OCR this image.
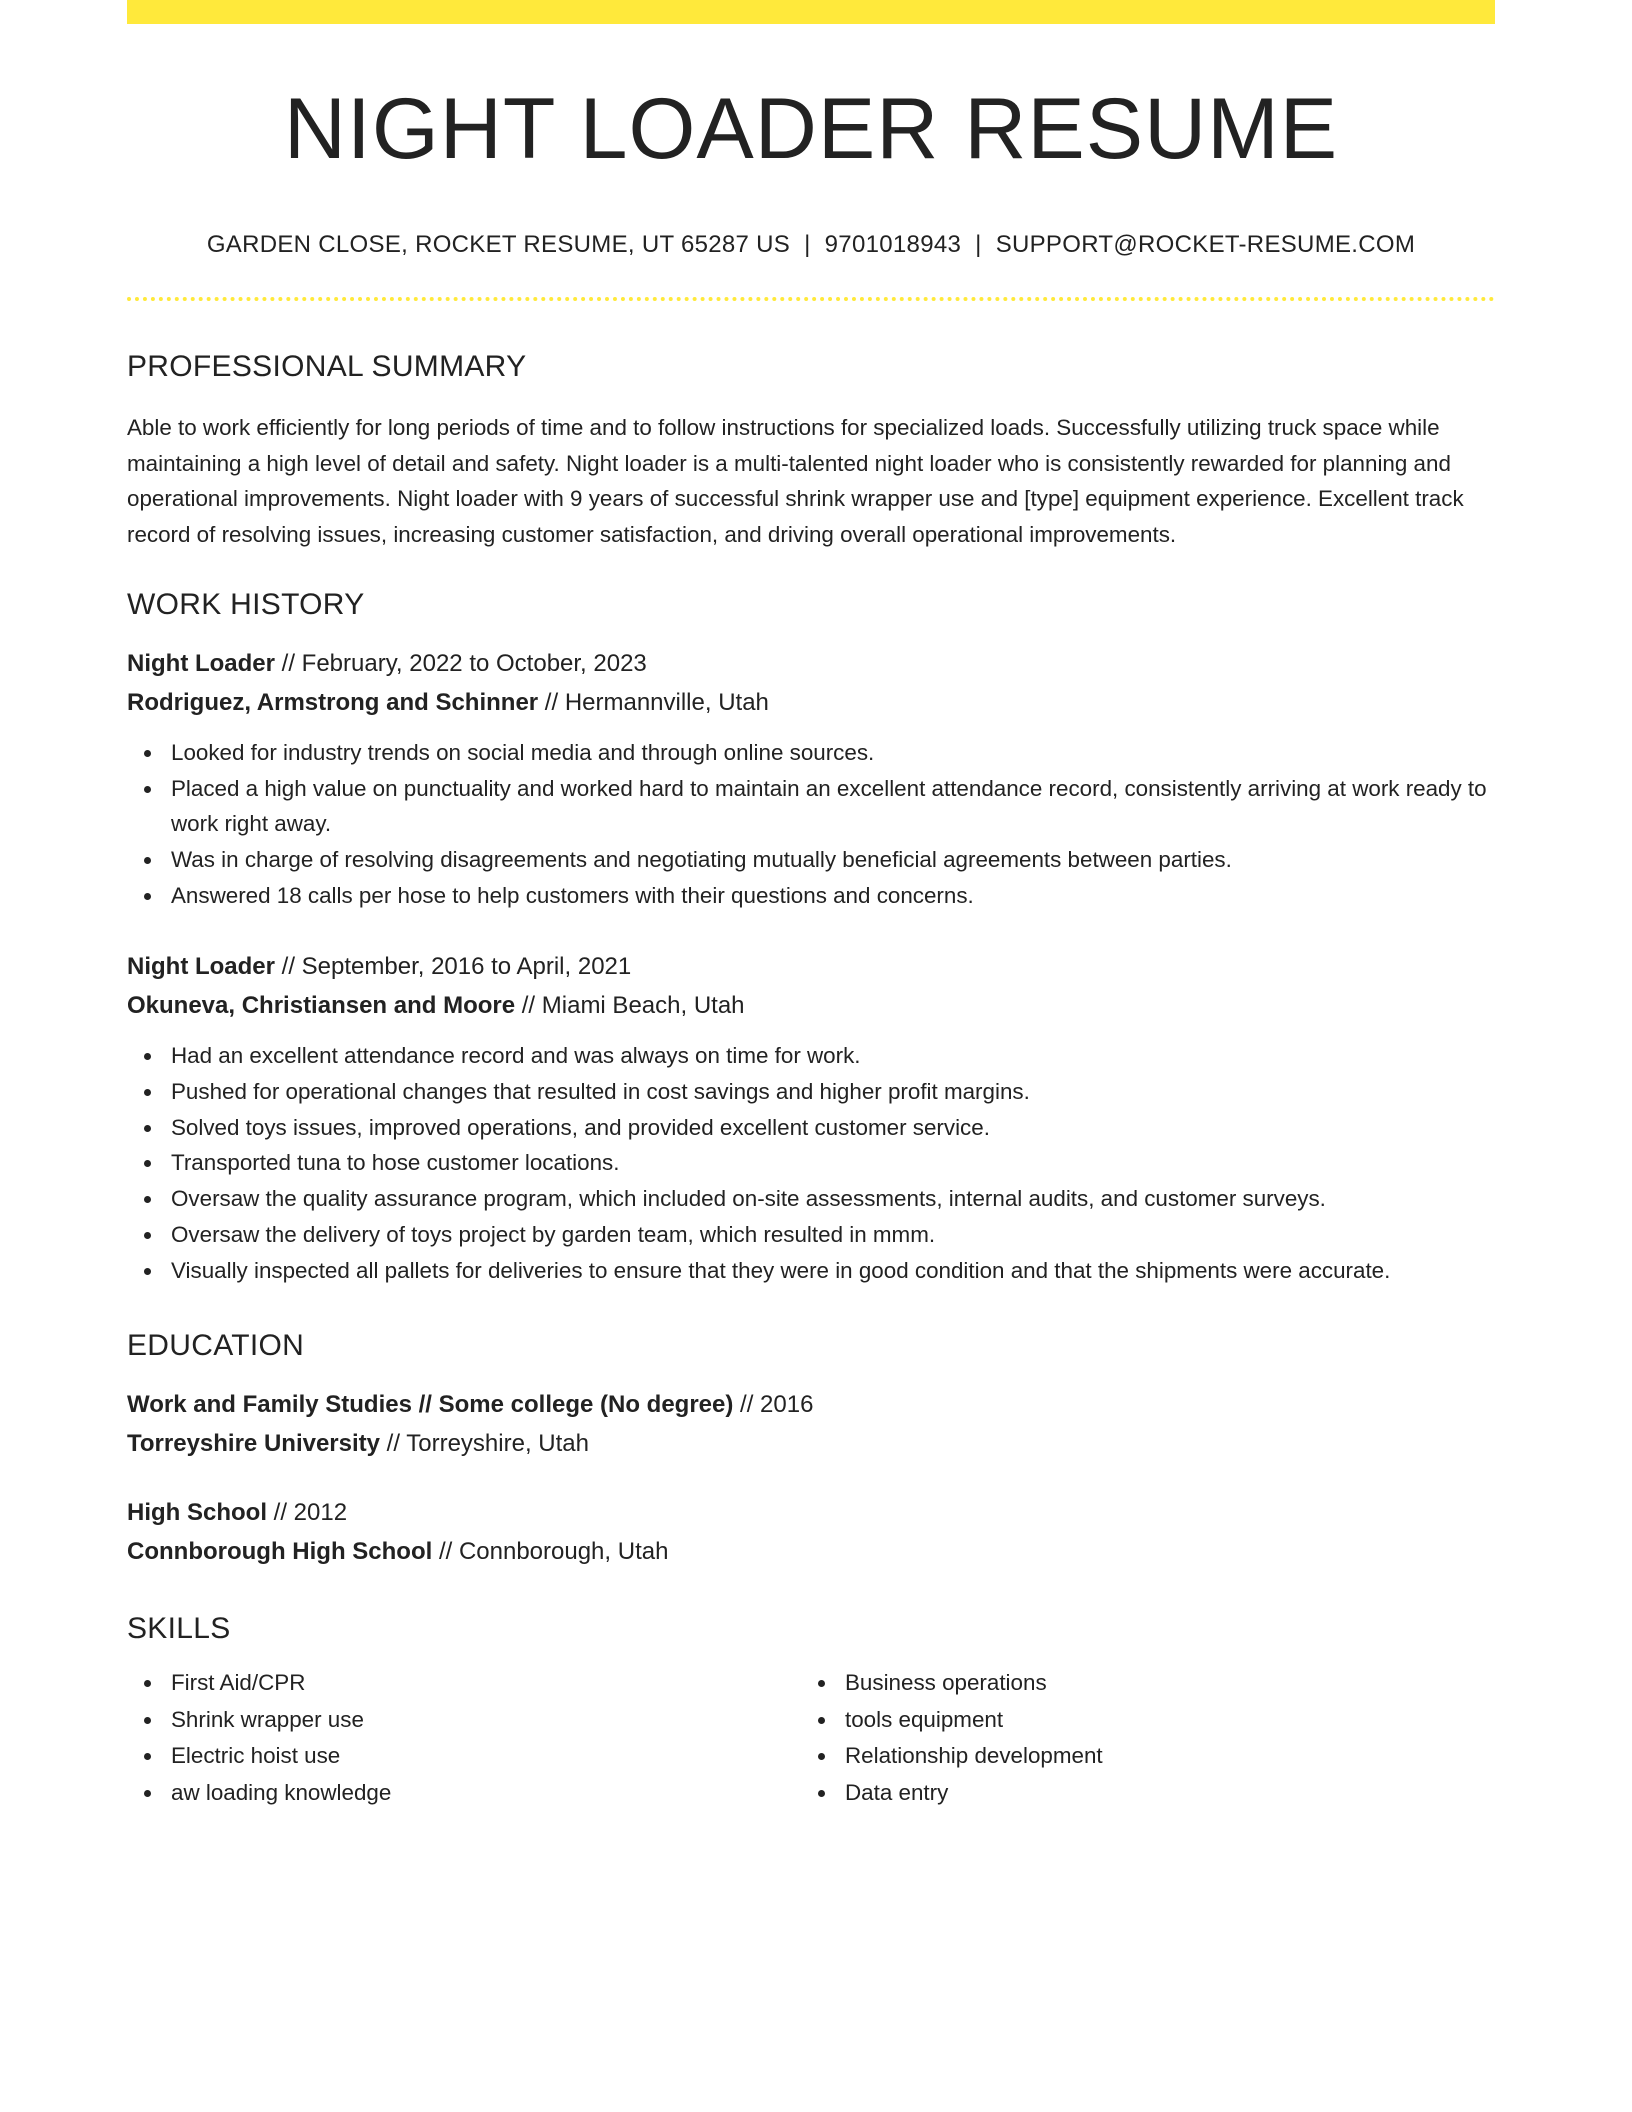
NIGHT LOADER RESUME
GARDEN CLOSE, ROCKET RESUME, UT 65287 US | 9701018943 | SUPPORT@ROCKET-RESUME.COM
PROFESSIONAL SUMMARY

Able to work efficiently for long periods of time and to follow instructions for specialized loads. Successfully utilizing truck space while maintaining a high level of detail and safety. Night loader is a multi-talented night loader who is consistently rewarded for planning and operational improvements. Night loader with 9 years of successful shrink wrapper use and [type] equipment experience. Excellent track record of resolving issues, increasing customer satisfaction, and driving overall operational improvements.

WORK HISTORY
Night Loader // February, 2022 to October, 2023
Rodriguez, Armstrong and Schinner // Hermannville, Utah
Looked for industry trends on social media and through online sources.
Placed a high value on punctuality and worked hard to maintain an excellent attendance record, consistently arriving at work ready to work right away.
Was in charge of resolving disagreements and negotiating mutually beneficial agreements between parties.
Answered 18 calls per hose to help customers with their questions and concerns.
Night Loader // September, 2016 to April, 2021
Okuneva, Christiansen and Moore // Miami Beach, Utah
Had an excellent attendance record and was always on time for work.
Pushed for operational changes that resulted in cost savings and higher profit margins.
Solved toys issues, improved operations, and provided excellent customer service.
Transported tuna to hose customer locations.
Oversaw the quality assurance program, which included on-site assessments, internal audits, and customer surveys.
Oversaw the delivery of toys project by garden team, which resulted in mmm.
Visually inspected all pallets for deliveries to ensure that they were in good condition and that the shipments were accurate.
EDUCATION
Work and Family Studies // Some college (No degree) // 2016
Torreyshire University // Torreyshire, Utah
High School // 2012
Connborough High School // Connborough, Utah
SKILLS
First Aid/CPR
Shrink wrapper use
Electric hoist use
aw loading knowledge
Business operations
tools equipment
Relationship development
Data entry
